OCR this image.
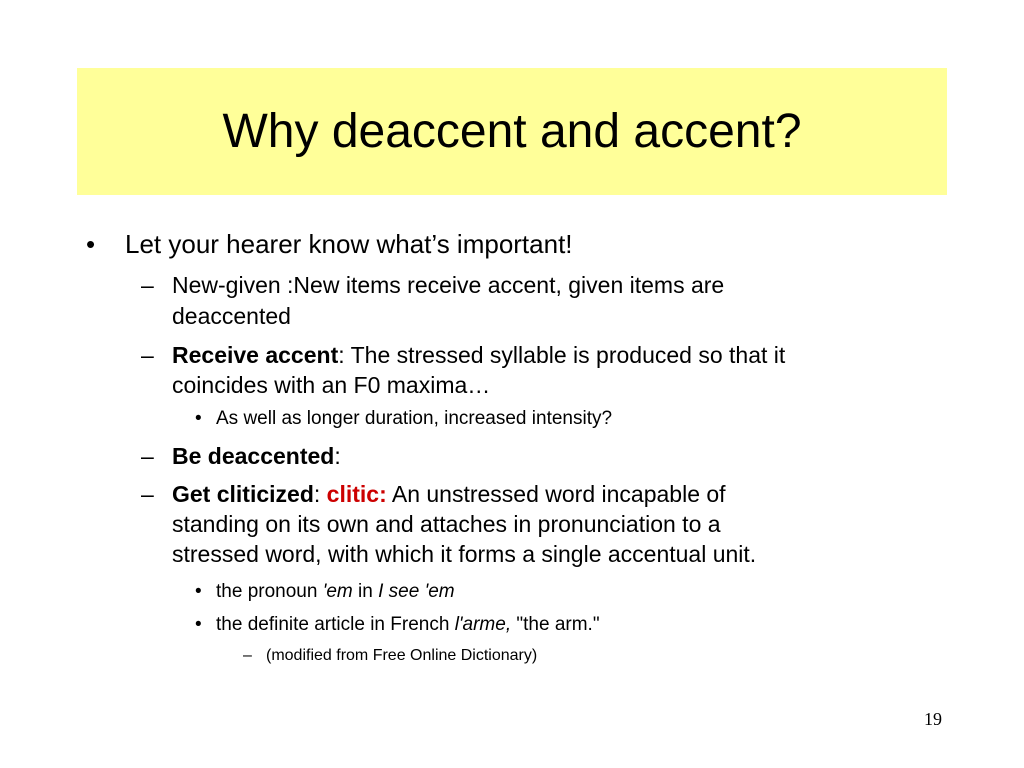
Why deaccent and accent?
• Let your hearer know what’s important!
– New-given :New items receive accent, given items are
deaccented
– Receive accent: The stressed syllable is produced so that it
coincides with an F0 maxima…
• As well as longer duration, increased intensity?
– Be deaccented:
– Get cliticized: clitic: An unstressed word incapable of
standing on its own and attaches in pronunciation to a
stressed word, with which it forms a single accentual unit.
• the pronoun 'em in I see 'em
• the definite article in French l'arme, "the arm."
– (modified from Free Online Dictionary)
19
